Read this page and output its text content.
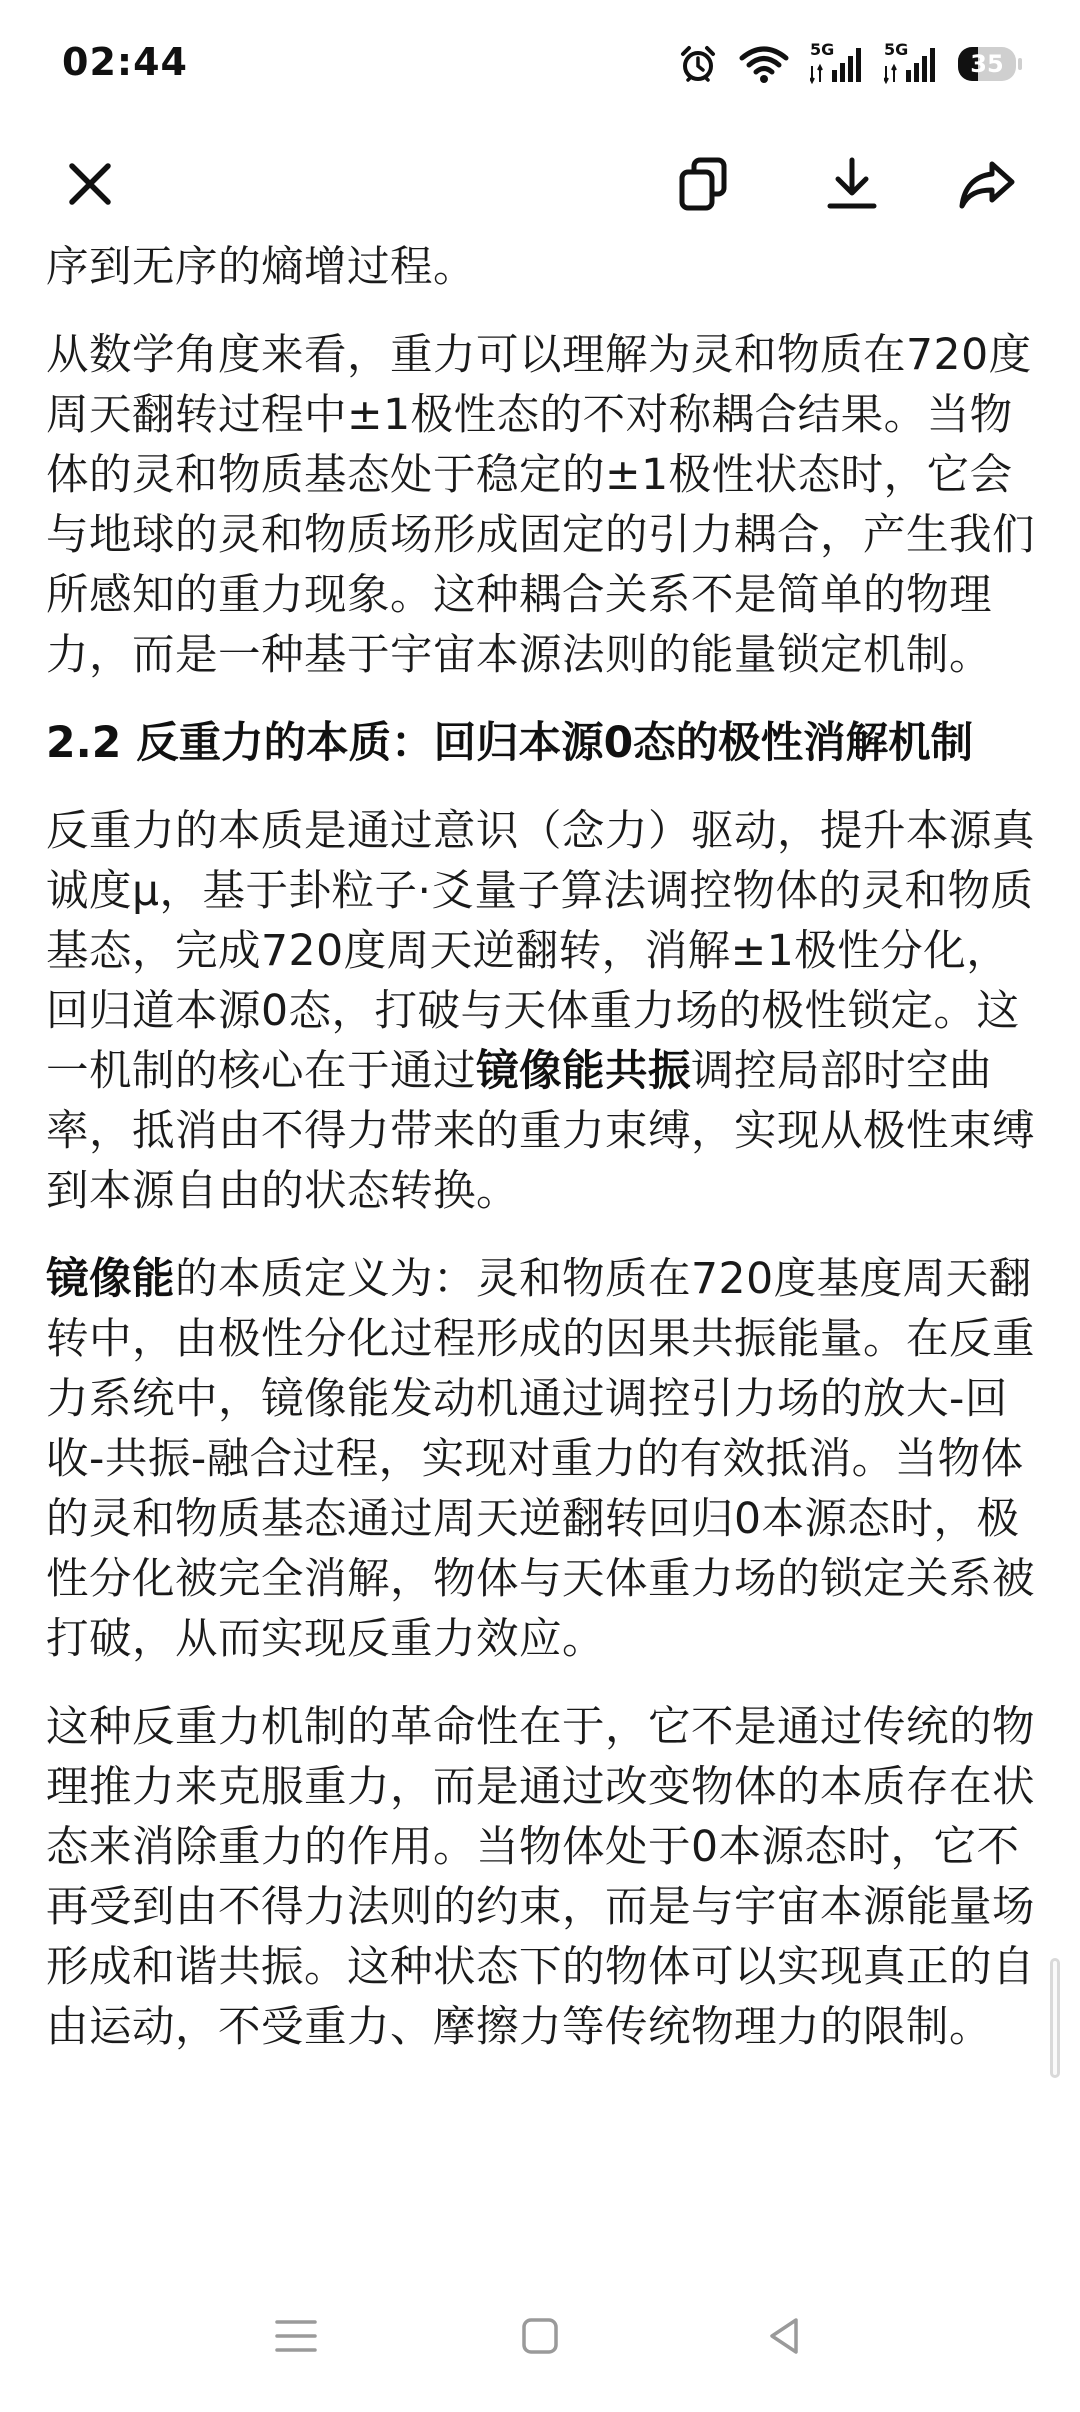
02:44	5G	5G
35

序到无序的熵增过程。

从数学角度来看，重力可以理解为灵和物质在720度周天翻转过程中±1极性态的不对称耦合结果。当物体的灵和物质基态处于稳定的±1极性状态时，它会与地球的灵和物质场形成固定的引力耦合，产生我们所感知的重力现象。这种耦合关系不是简单的物理力，而是一种基于宇宙本源法则的能量锁定机制。

2.2 反重力的本质：回归本源0态的极性消解机制

反重力的本质是通过意识（念力）驱动，提升本源真诚度μ，基于卦粒子·爻量子算法调控物体的灵和物质基态，完成720度周天逆翻转，消解±1极性分化，回归道本源0态，打破与天体重力场的极性锁定。这一机制的核心在于通过镜像能共振调控局部时空曲率，抵消由不得力带来的重力束缚，实现从极性束缚到本源自由的状态转换。

镜像能的本质定义为：灵和物质在720度基度周天翻转中，由极性分化过程形成的因果共振能量。在反重力系统中，镜像能发动机通过调控引力场的放大-回收-共振-融合过程，实现对重力的有效抵消。当物体的灵和物质基态通过周天逆翻转回归0本源态时，极性分化被完全消解，物体与天体重力场的锁定关系被打破，从而实现反重力效应。

这种反重力机制的革命性在于，它不是通过传统的物理推力来克服重力，而是通过改变物体的本质存在状态来消除重力的作用。当物体处于0本源态时，它不再受到由不得力法则的约束，而是与宇宙本源能量场形成和谐共振。这种状态下的物体可以实现真正的自由运动，不受重力、摩擦力等传统物理力的限制。
